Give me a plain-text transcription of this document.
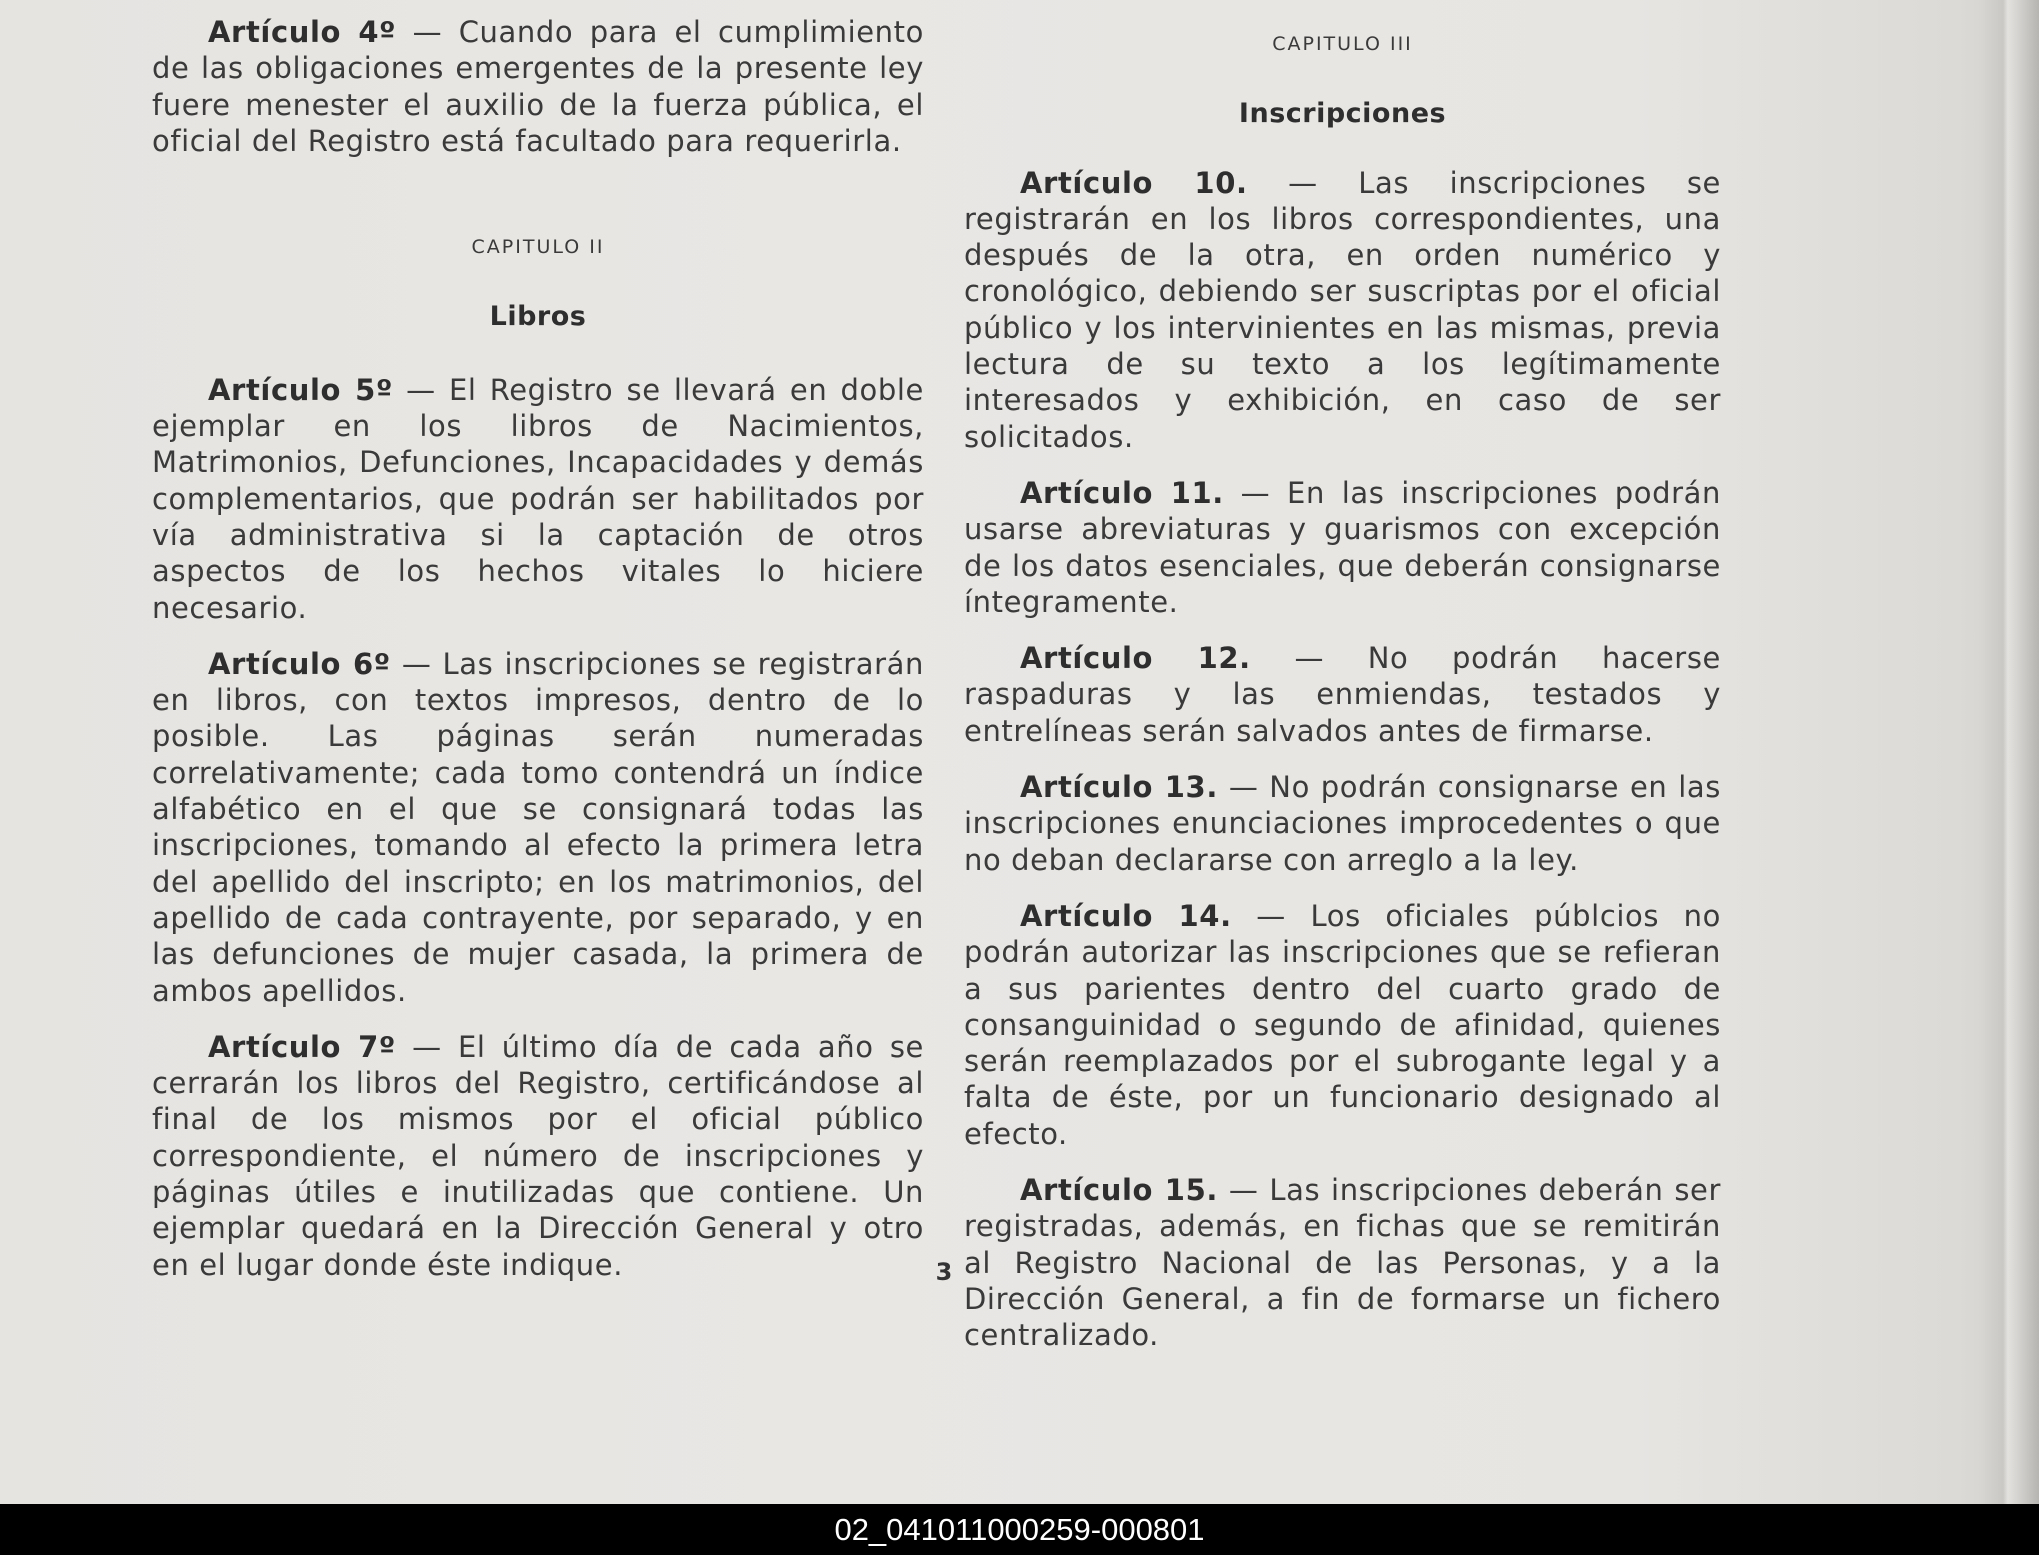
Artículo 4º — Cuando para el cumplimiento de las obligaciones emergentes de la presente ley fuere menester el auxilio de la fuerza pública, el oficial del Registro está facultado para requerirla.

CAPITULO II

Libros

Artículo 5º — El Registro se llevará en doble ejemplar en los libros de Nacimientos, Matrimonios, Defunciones, Incapacidades y demás complementarios, que podrán ser habilitados por vía administrativa si la captación de otros aspectos de los hechos vitales lo hiciere necesario.

Artículo 6º — Las inscripciones se registrarán en libros, con textos impresos, dentro de lo posible. Las páginas serán numeradas correlativamente; cada tomo contendrá un índice alfabético en el que se consignará todas las inscripciones, tomando al efecto la primera letra del apellido del inscripto; en los matrimonios, del apellido de cada contrayente, por separado, y en las defunciones de mujer casada, la primera de ambos apellidos.

Artículo 7º — El último día de cada año se cerrarán los libros del Registro, certificándose al final de los mismos por el oficial público correspondiente, el número de inscripciones y páginas útiles e inutilizadas que contiene. Un ejemplar quedará en la Dirección General y otro en el lugar donde éste indique.

CAPITULO III

Inscripciones

Artículo 10. — Las inscripciones se registrarán en los libros correspondientes, una después de la otra, en orden numérico y cronológico, debiendo ser suscriptas por el oficial público y los intervinientes en las mismas, previa lectura de su texto a los legítimamente interesados y exhibición, en caso de ser solicitados.

Artículo 11. — En las inscripciones podrán usarse abreviaturas y guarismos con excepción de los datos esenciales, que deberán consignarse íntegramente.

Artículo 12. — No podrán hacerse raspaduras y las enmiendas, testados y entrelíneas serán salvados antes de firmarse.

Artículo 13. — No podrán consignarse en las inscripciones enunciaciones improcedentes o que no deban declararse con arreglo a la ley.

Artículo 14. — Los oficiales públcios no podrán autorizar las inscripciones que se refieran a sus parientes dentro del cuarto grado de consanguinidad o segundo de afinidad, quienes serán reemplazados por el subrogante legal y a falta de éste, por un funcionario designado al efecto.

Artículo 15. — Las inscripciones deberán ser registradas, además, en fichas que se remitirán al Registro Nacional de las Personas, y a la Dirección General, a fin de formarse un fichero centralizado.

3
02_041011000259-000801
